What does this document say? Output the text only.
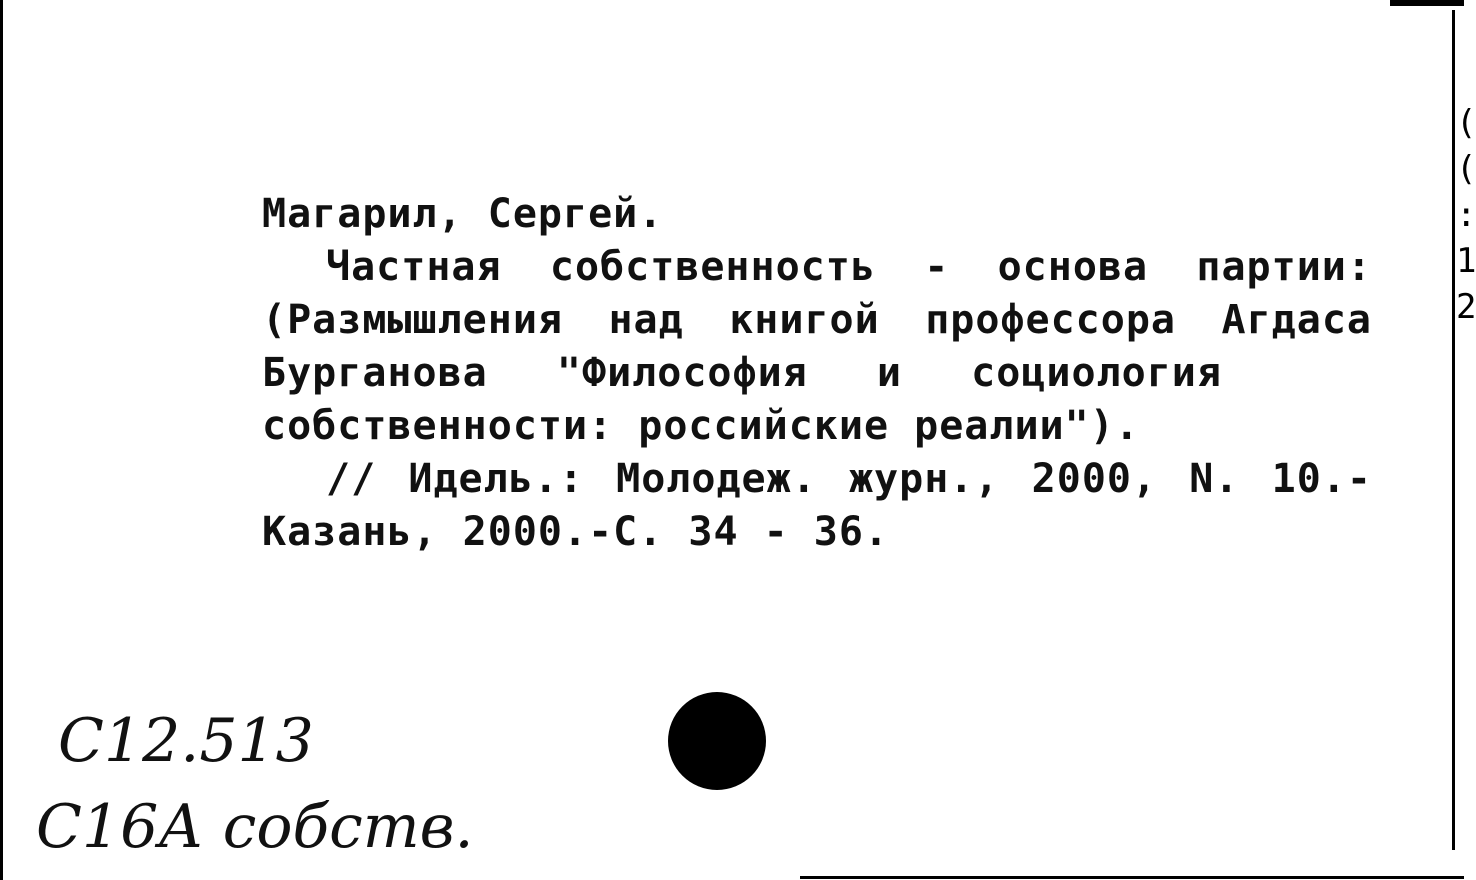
(
(
:
1
2
Магарил, Сергей.
Частная собственность - основа партии:
(Размышления над книгой профессора Агдаса
Бурганова "Философия и социология
собственности: российские реалии").
// Идель.: Молодеж. журн., 2000, N. 10.-
Казань, 2000.-С. 34 - 36.
С12.513
С16А собств.
